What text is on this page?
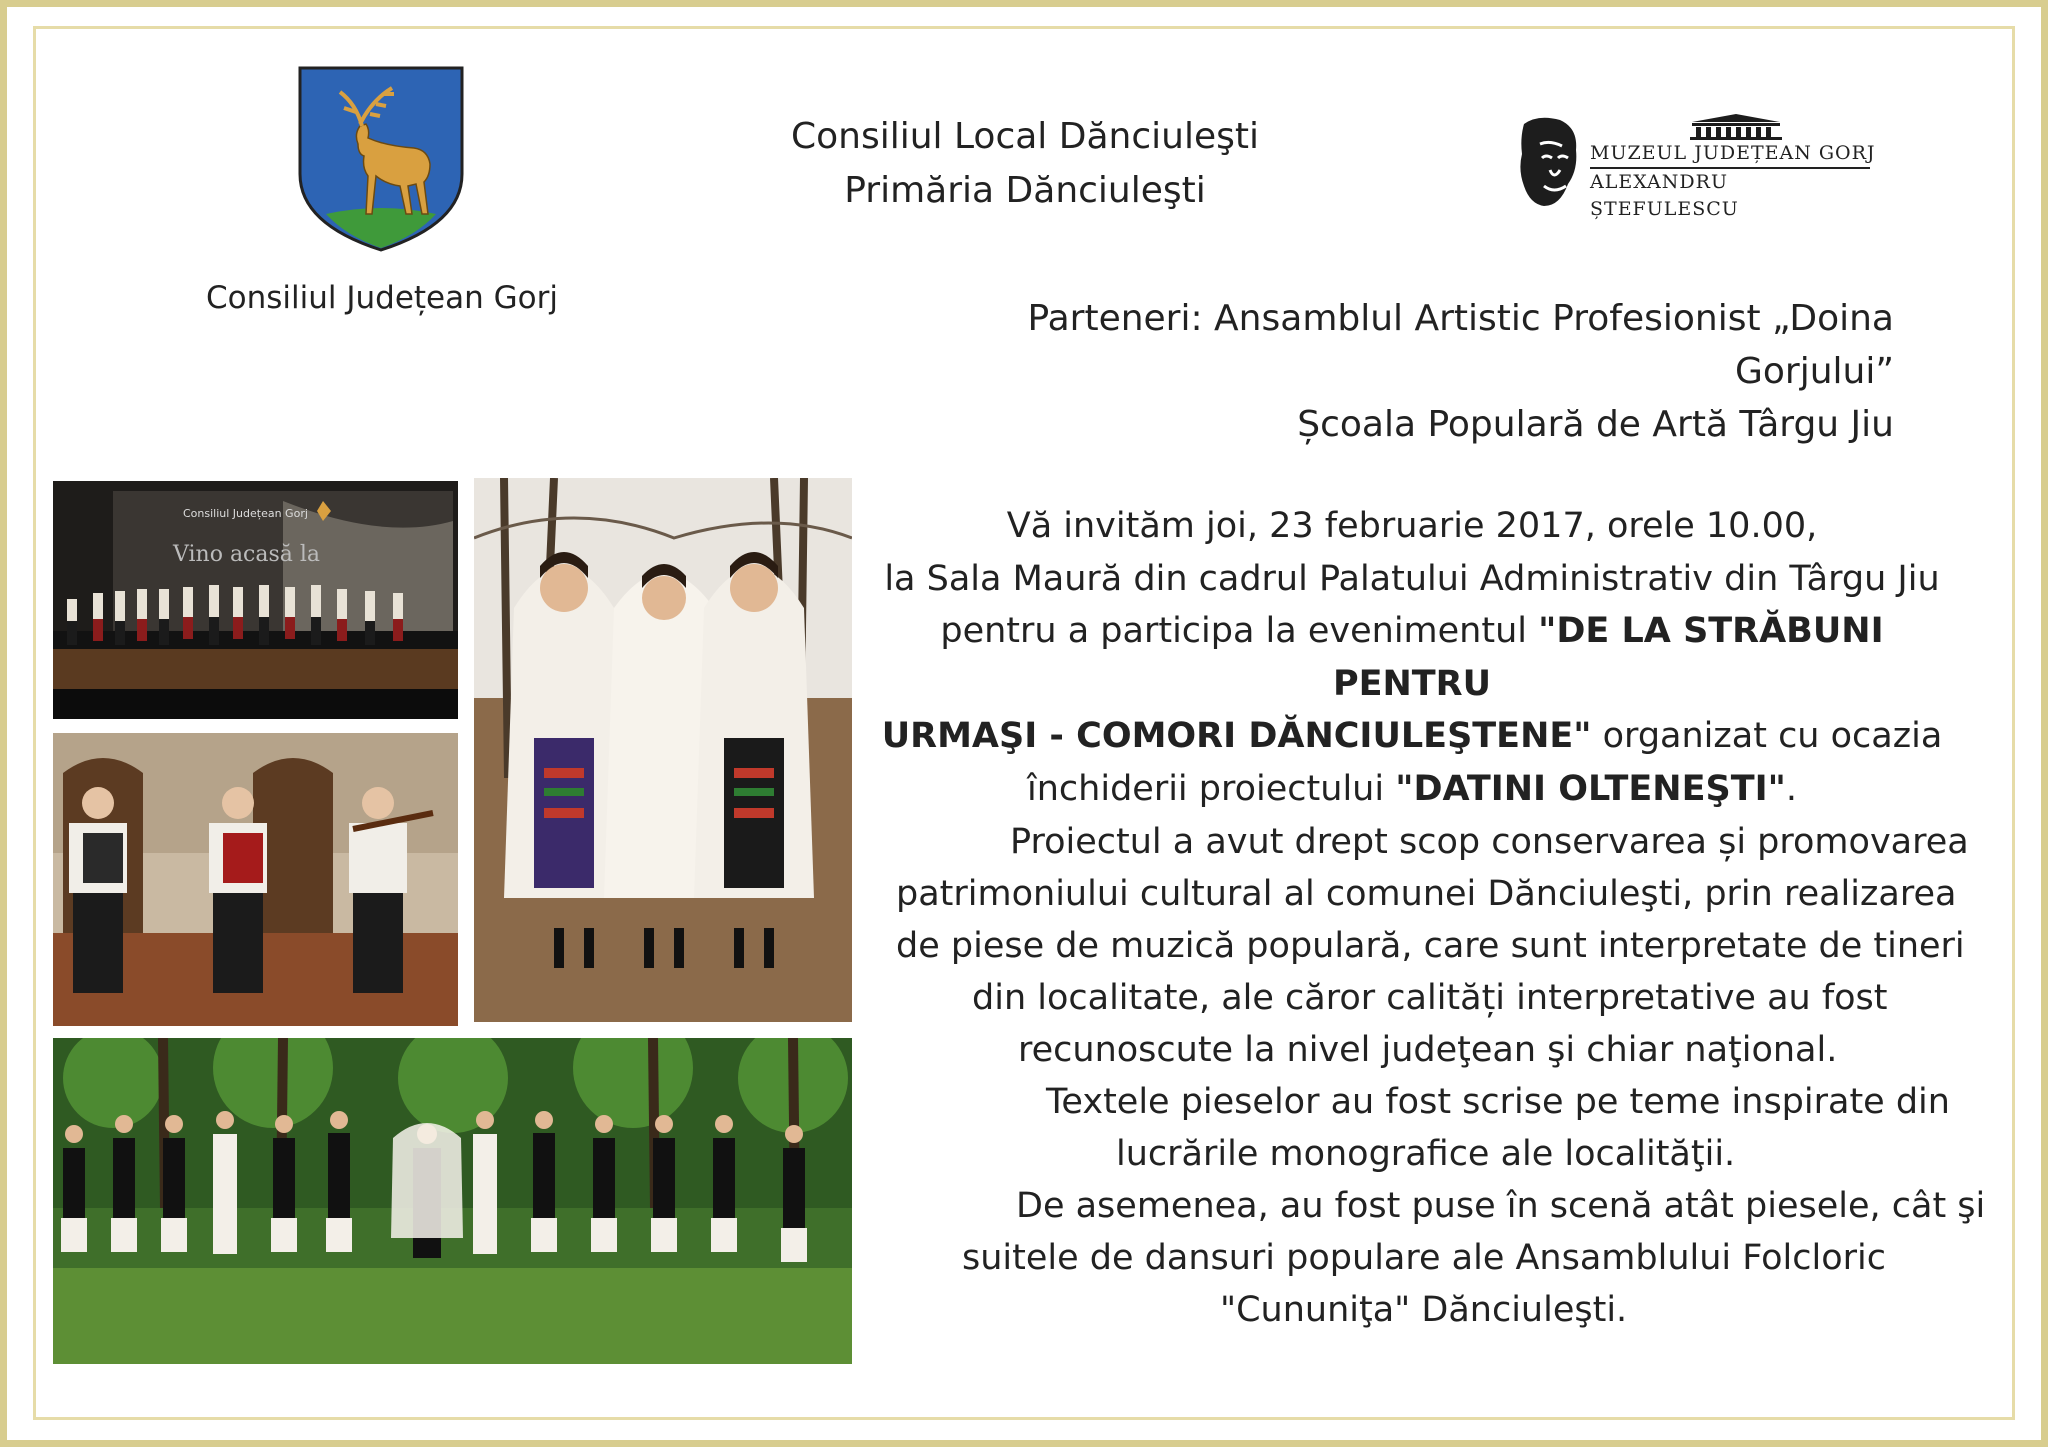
Consiliul Județean Gorj
Consiliul Local Dănciuleşti
Primăria Dănciuleşti
MUZEUL JUDEȚEAN GORJ
ALEXANDRU ȘTEFULESCU
Parteneri: Ansamblul Artistic Profesionist „Doina Gorjului”
Școala Populară de Artă Târgu Jiu
Consiliul Județean Gorj
Vino acasă la
Vă invităm joi, 23 februarie 2017, orele 10.00,
la Sala Maură din cadrul Palatului Administrativ din Târgu Jiu
pentru a participa la evenimentul "DE LA STRĂBUNI PENTRU
URMAŞI - COMORI DĂNCIULEŞTENE" organizat cu ocazia
închiderii proiectului "DATINI OLTENEŞTI".
Proiectul a avut drept scop conservarea și promovarea
patrimoniului cultural al comunei Dănciuleşti, prin realizarea
de piese de muzică populară, care sunt interpretate de tineri
din localitate, ale căror calități interpretative au fost
recunoscute la nivel judeţean şi chiar naţional.
Textele pieselor au fost scrise pe teme inspirate din
lucrările monografice ale localităţii.
De asemenea, au fost puse în scenă atât piesele, cât şi
suitele de dansuri populare ale Ansamblului Folcloric
"Cununiţa" Dănciuleşti.
